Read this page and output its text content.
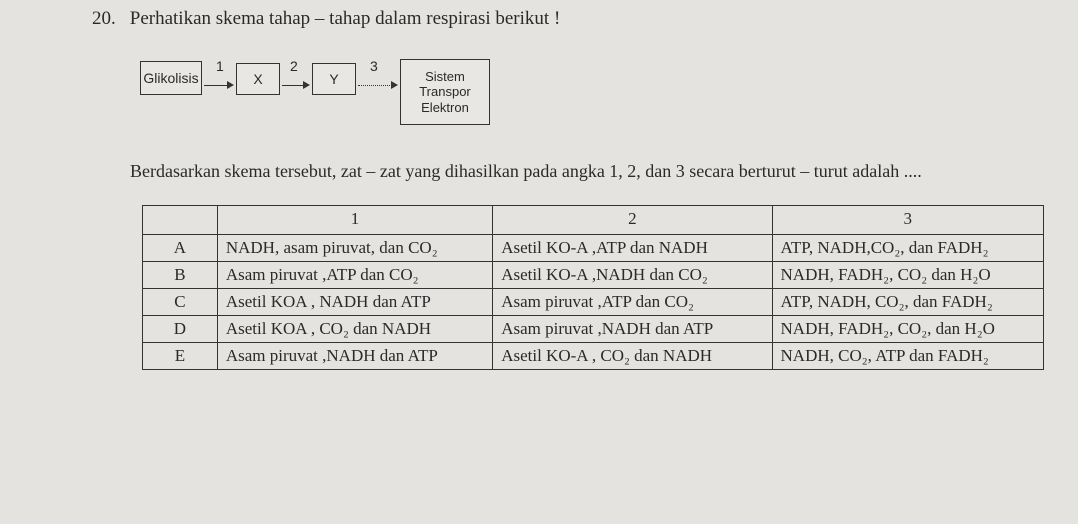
20. Perhatikan skema tahap – tahap dalam respirasi berikut !
Glikolisis
1
X
2
Y
3
Sistem Transpor Elektron
Berdasarkan skema tersebut, zat – zat yang dihasilkan pada angka 1, 2, dan 3 secara berturut – turut adalah ....
	1	2	3
A	NADH, asam piruvat, dan CO₂	Asetil KO-A ,ATP dan NADH	ATP, NADH,CO₂, dan FADH₂
B	Asam piruvat ,ATP dan CO₂	Asetil KO-A ,NADH dan CO₂	NADH, FADH₂, CO₂ dan H₂O
C	Asetil KOA , NADH dan ATP	Asam piruvat ,ATP dan CO₂	ATP, NADH, CO₂, dan FADH₂
D	Asetil KOA , CO₂ dan NADH	Asam piruvat ,NADH dan ATP	NADH, FADH₂, CO₂, dan H₂O
E	Asam piruvat ,NADH dan ATP	Asetil KO-A , CO₂ dan NADH	NADH, CO₂, ATP dan FADH₂
